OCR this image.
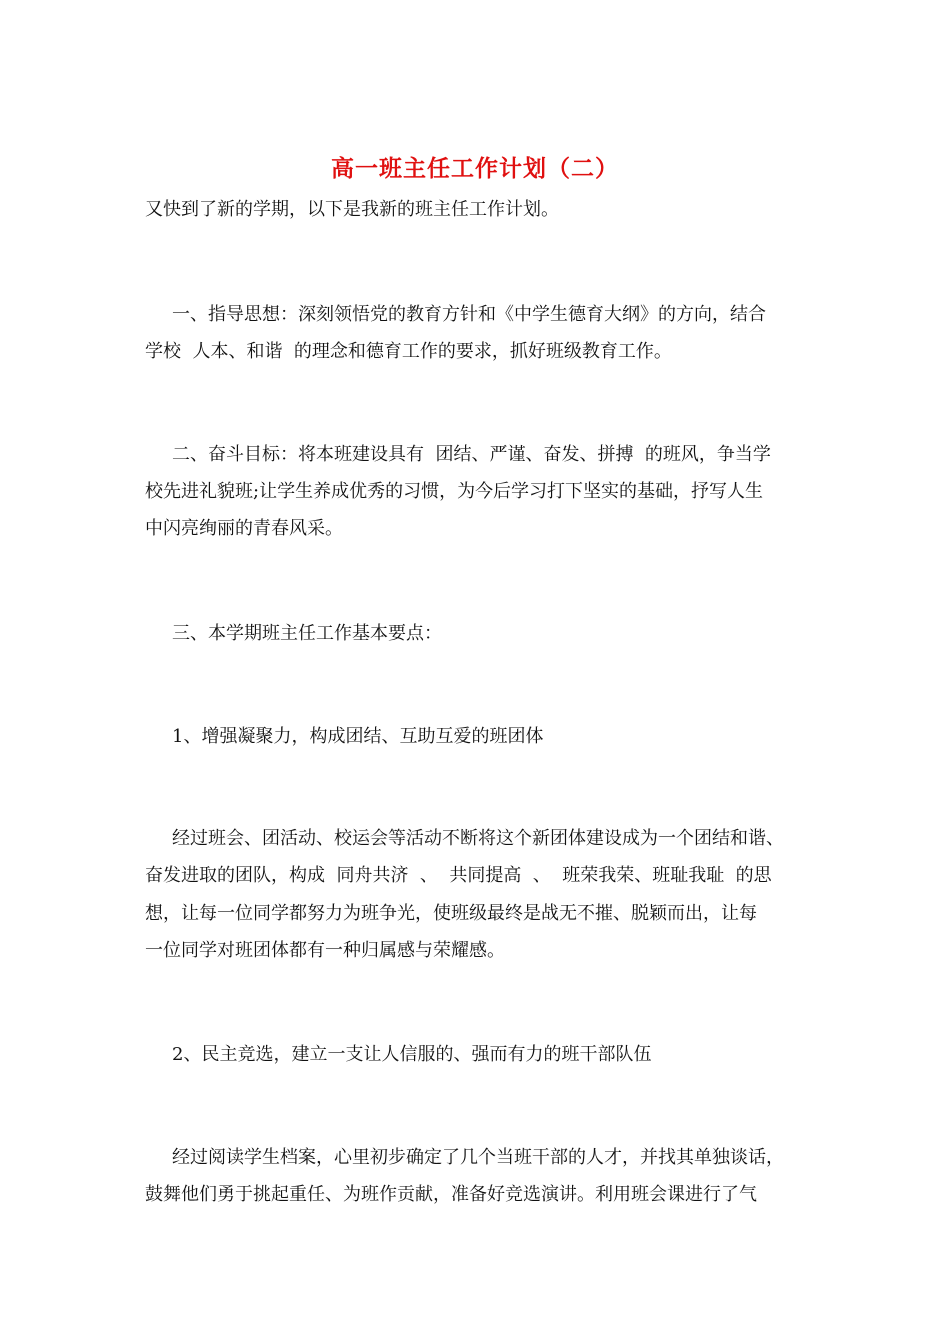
高一班主任工作计划（二）
又快到了新的学期，以下是我新的班主任工作计划。
一、指导思想：深刻领悟党的教育方针和《中学生德育大纲》的方向，结合
学校  人本、和谐  的理念和德育工作的要求，抓好班级教育工作。
二、奋斗目标：将本班建设具有  团结、严谨、奋发、拼搏  的班风，争当学
校先进礼貌班;让学生养成优秀的习惯，为今后学习打下坚实的基础，抒写人生
中闪亮绚丽的青春风采。
三、本学期班主任工作基本要点：
1、增强凝聚力，构成团结、互助互爱的班团体
经过班会、团活动、校运会等活动不断将这个新团体建设成为一个团结和谐、
奋发进取的团队，构成  同舟共济  、  共同提高  、  班荣我荣、班耻我耻  的思
想，让每一位同学都努力为班争光，使班级最终是战无不摧、脱颖而出，让每
一位同学对班团体都有一种归属感与荣耀感。
2、民主竞选，建立一支让人信服的、强而有力的班干部队伍
经过阅读学生档案，心里初步确定了几个当班干部的人才，并找其单独谈话，
鼓舞他们勇于挑起重任、为班作贡献，准备好竞选演讲。利用班会课进行了气
